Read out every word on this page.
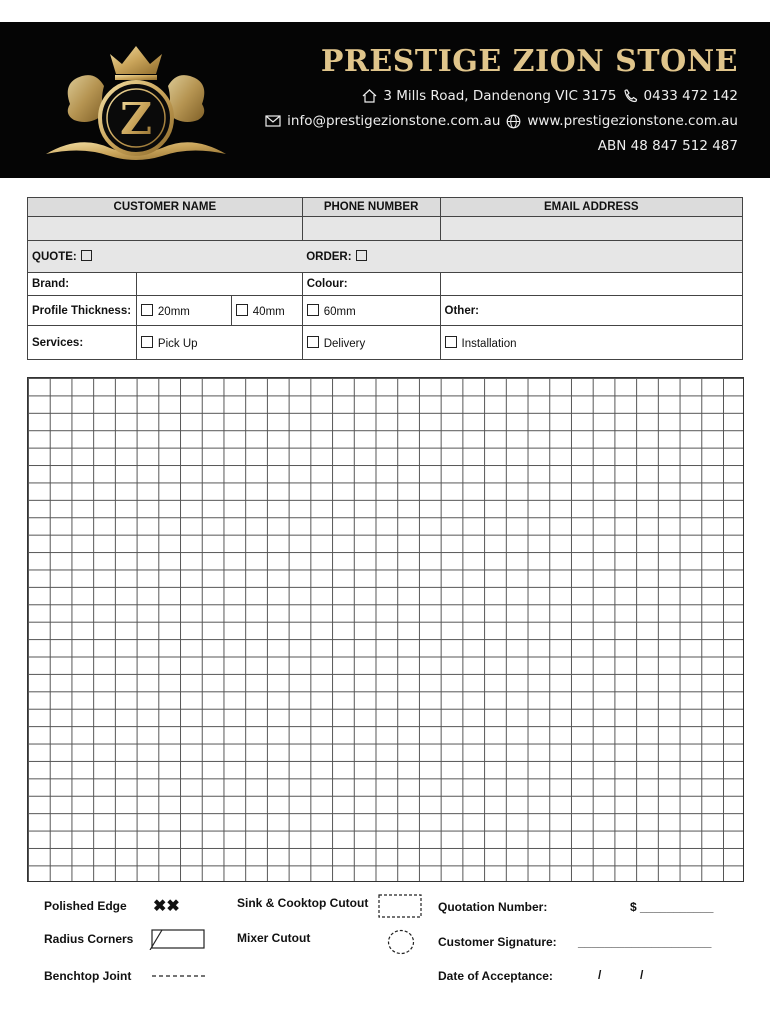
Z
PRESTIGE ZION STONE
3 Mills Road, Dandenong VIC 3175 0433 472 142
info@prestigezionstone.com.au www.prestigezionstone.com.au
ABN 48 847 512 487
CUSTOMER NAME			PHONE NUMBER	EMAIL ADDRESS

QUOTE:			ORDER:	
Brand:			Colour:	
Profile Thickness:	20mm	40mm	60mm	Other:
Services:	Pick Up		Delivery	Installation
Polished Edge ✖✖
Radius Corners
Benchtop Joint
Sink & Cooktop Cutout
Mixer Cutout
Quotation Number:	$ ___________
Customer Signature: ____________________
Date of Acceptance:	/	/
